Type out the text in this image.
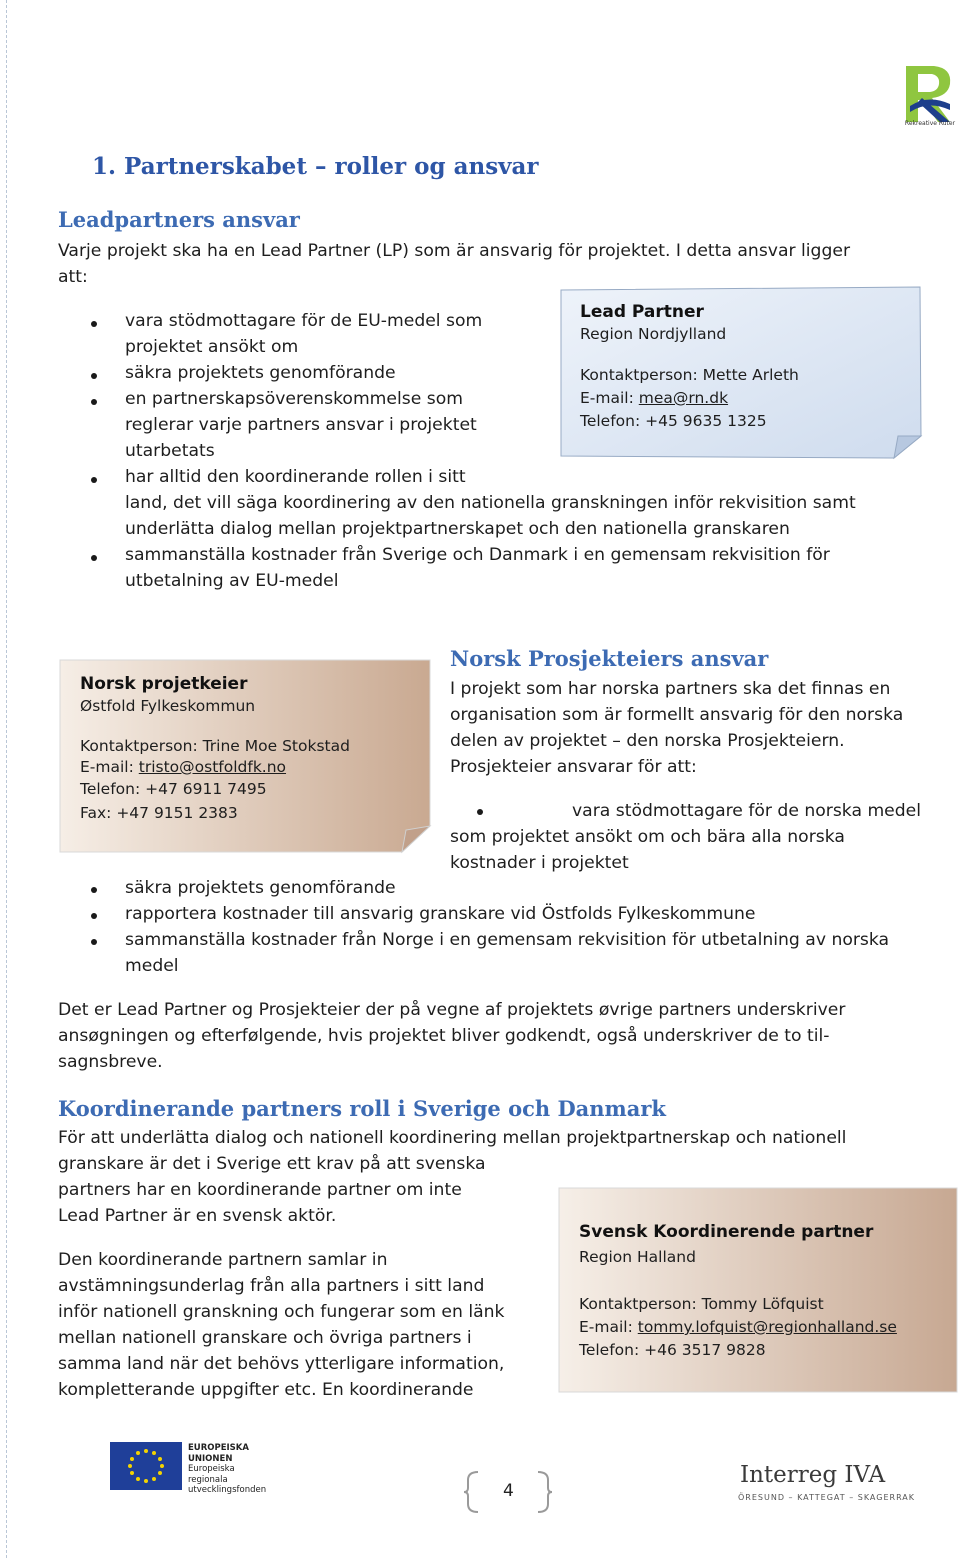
Rekreative Ruter
1. Partnerskabet – roller og ansvar
Leadpartners ansvar
Varje projekt ska ha en Lead Partner (LP) som är ansvarig för projektet. I detta ansvar ligger
att:
vara stödmottagare för de EU-medel som
projektet ansökt om
säkra projektets genomförande
en partnerskapsöverenskommelse som
reglerar varje partners ansvar i projektet
utarbetats
har alltid den koordinerande rollen i sitt
land, det vill säga koordinering av den nationella granskningen inför rekvisition samt
underlätta dialog mellan projektpartnerskapet och den nationella granskaren
sammanställa kostnader från Sverige och Danmark i en gemensam rekvisition för
utbetalning av EU-medel
Lead Partner
Region Nordjylland
Kontaktperson: Mette Arleth
E-mail: mea@rn.dk
Telefon: +45 9635 1325
Norsk projetkeier
Østfold Fylkeskommun
Kontaktperson: Trine Moe Stokstad
E-mail: tristo@ostfoldfk.no
Telefon: +47 6911 7495
Fax: +47 9151 2383
Norsk Prosjekteiers ansvar
I projekt som har norska partners ska det finnas en
organisation som är formellt ansvarig för den norska
delen av projektet – den norska Prosjekteiern.
Prosjekteier ansvarar för att:
vara stödmottagare för de norska medel
som projektet ansökt om och bära alla norska
kostnader i projektet
säkra projektets genomförande
rapportera kostnader till ansvarig granskare vid Östfolds Fylkeskommune
sammanställa kostnader från Norge i en gemensam rekvisition för utbetalning av norska
medel
Det er Lead Partner og Prosjekteier der på vegne af projektets øvrige partners underskriver
ansøgningen og efterfølgende, hvis projektet bliver godkendt, også underskriver de to til-
sagnsbreve.
Koordinerande partners roll i Sverige och Danmark
För att underlätta dialog och nationell koordinering mellan projektpartnerskap och nationell
granskare är det i Sverige ett krav på att svenska
partners har en koordinerande partner om inte
Lead Partner är en svensk aktör.
Den koordinerande partnern samlar in
avstämningsunderlag från alla partners i sitt land
inför nationell granskning och fungerar som en länk
mellan nationell granskare och övriga partners i
samma land när det behövs ytterligare information,
kompletterande uppgifter etc. En koordinerande
Svensk Koordinerende partner
Region Halland
Kontaktperson: Tommy Löfquist
E-mail: tommy.lofquist@regionhalland.se
Telefon: +46 3517 9828
EUROPEISKA
UNIONEN
Europeiska
regionala
utvecklingsfonden	4
Interreg IVA
ÖRESUND – KATTEGAT – SKAGERRAK
